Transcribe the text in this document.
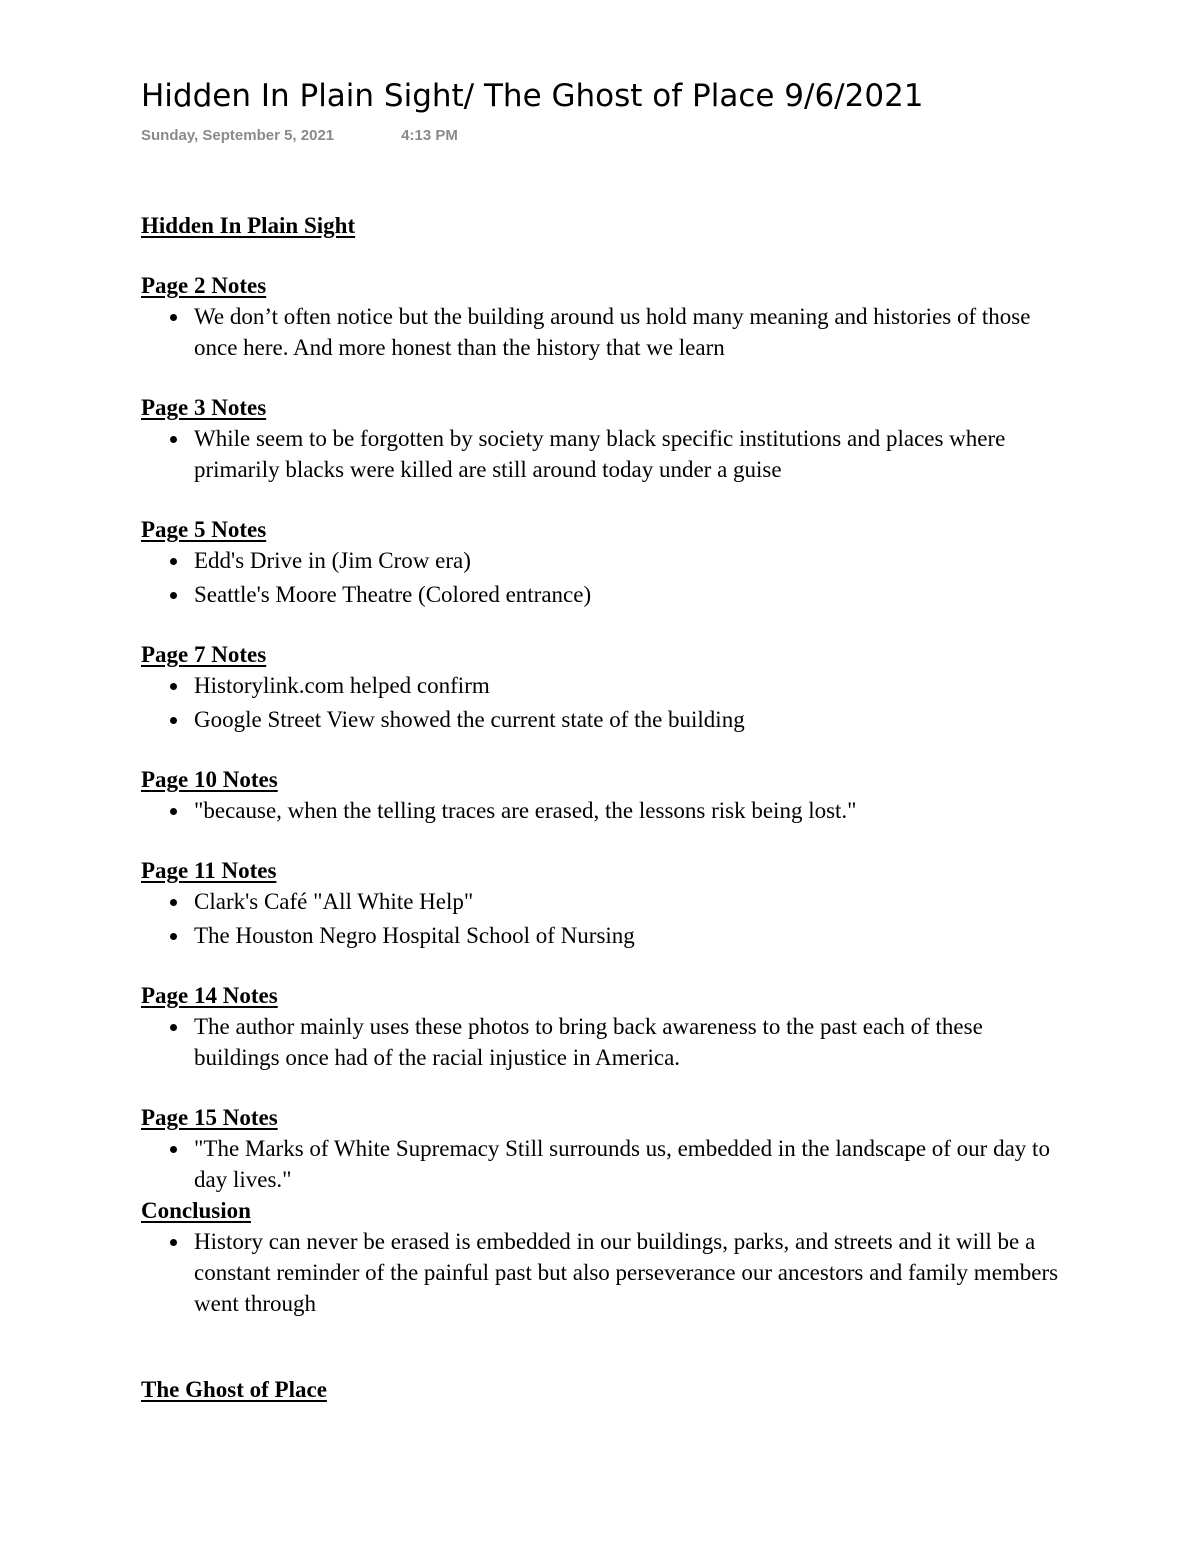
Hidden In Plain Sight/ The Ghost of Place 9/6/2021
Sunday, September 5, 2021	4:13 PM
Hidden In Plain Sight
Page 2 Notes
We don’t often notice but the building around us hold many meaning and histories of those once here. And more honest than the history that we learn
Page 3 Notes
While seem to be forgotten by society many black specific institutions and places where primarily blacks were killed are still around today under a guise
Page 5 Notes
Edd's Drive in (Jim Crow era)
Seattle's Moore Theatre (Colored entrance)
Page 7 Notes
Historylink.com helped confirm
Google Street View showed the current state of the building
Page 10 Notes
"because, when the telling traces are erased, the lessons risk being lost."
Page 11 Notes
Clark's Café "All White Help"
The Houston Negro Hospital School of Nursing
Page 14 Notes
The author mainly uses these photos to bring back awareness to the past each of these buildings once had of the racial injustice in America.
Page 15 Notes
"The Marks of White Supremacy Still surrounds us, embedded in the landscape of our day to day lives."
Conclusion
History can never be erased is embedded in our buildings, parks, and streets and it will be a constant reminder of the painful past but also perseverance our ancestors and family members went through
The Ghost of Place
